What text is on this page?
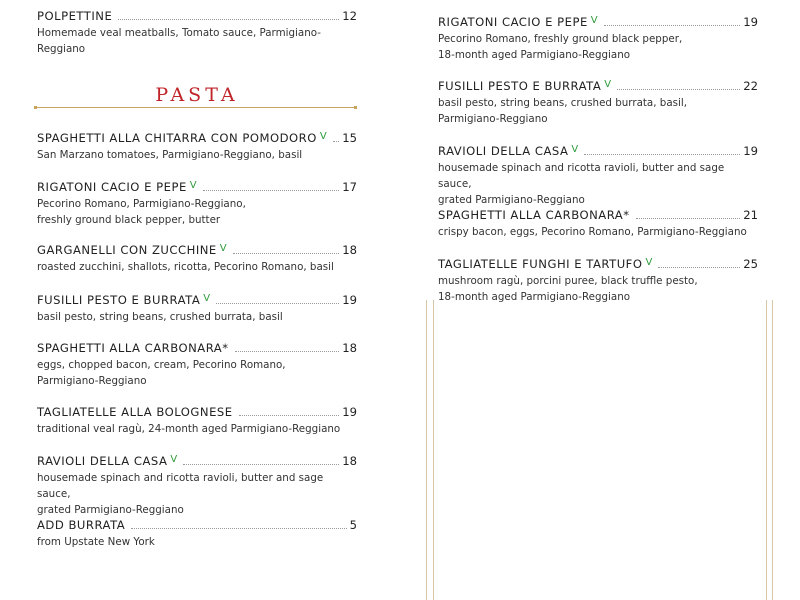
POLPETTINE	12
Homemade veal meatballs, Tomato sauce, Parmigiano-Reggiano
SPAGHETTI ALLA CHITARRA CON POMODORO V 15
San Marzano tomatoes, Parmigiano-Reggiano, basil
RIGATONI CACIO E PEPE V	17
Pecorino Romano, Parmigiano-Reggiano,
freshly ground black pepper, butter
GARGANELLI CON ZUCCHINE V	18
roasted zucchini, shallots, ricotta, Pecorino Romano, basil
FUSILLI PESTO E BURRATA V	19
basil pesto, string beans, crushed burrata, basil
SPAGHETTI ALLA CARBONARA*	18
eggs, chopped bacon, cream, Pecorino Romano,
Parmigiano-Reggiano
TAGLIATELLE ALLA BOLOGNESE	19
traditional veal ragù, 24-month aged Parmigiano-Reggiano
RAVIOLI DELLA CASA V	18
housemade spinach and ricotta ravioli, butter and sage sauce,
grated Parmigiano-Reggiano
ADD BURRATA	5
from Upstate New York
PASTA
RIGATONI CACIO E PEPE V	19
Pecorino Romano, freshly ground black pepper,
18-month aged Parmigiano-Reggiano
FUSILLI PESTO E BURRATA V	22
basil pesto, string beans, crushed burrata, basil,
Parmigiano-Reggiano
RAVIOLI DELLA CASA V	19
housemade spinach and ricotta ravioli, butter and sage sauce,
grated Parmigiano-Reggiano
SPAGHETTI ALLA CARBONARA*	21
crispy bacon, eggs, Pecorino Romano, Parmigiano-Reggiano
TAGLIATELLE FUNGHI E TARTUFO V	25
mushroom ragù, porcini puree, black truffle pesto,
18-month aged Parmigiano-Reggiano
